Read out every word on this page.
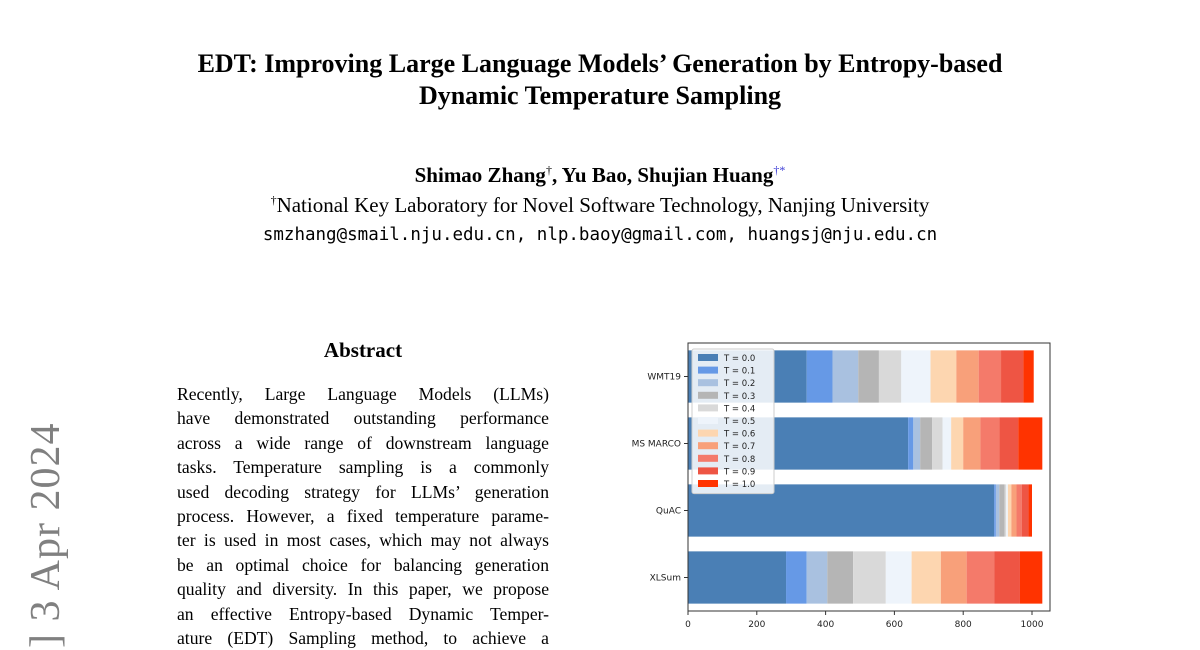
] 3 Apr 2024
EDT: Improving Large Language Models’ Generation by Entropy-based
Dynamic Temperature Sampling
Shimao Zhang†, Yu Bao, Shujian Huang†*
†National Key Laboratory for Novel Software Technology, Nanjing University
smzhang@smail.nju.edu.cn, nlp.baoy@gmail.com, huangsj@nju.edu.cn
Abstract
Recently, Large Language Models (LLMs)
have demonstrated outstanding performance
across a wide range of downstream language
tasks. Temperature sampling is a commonly
used decoding strategy for LLMs’ generation
process. However, a fixed temperature parame-
ter is used in most cases, which may not always
be an optimal choice for balancing generation
quality and diversity. In this paper, we propose
an effective Entropy-based Dynamic Temper-
ature (EDT) Sampling method, to achieve a
WMT19
MS MARCO
QuAC
XLSum
0	200	400	600	800	1000
T = 0.0
T = 0.1
T = 0.2
T = 0.3
T = 0.4
T = 0.5
T = 0.6
T = 0.7
T = 0.8
T = 0.9
T = 1.0
